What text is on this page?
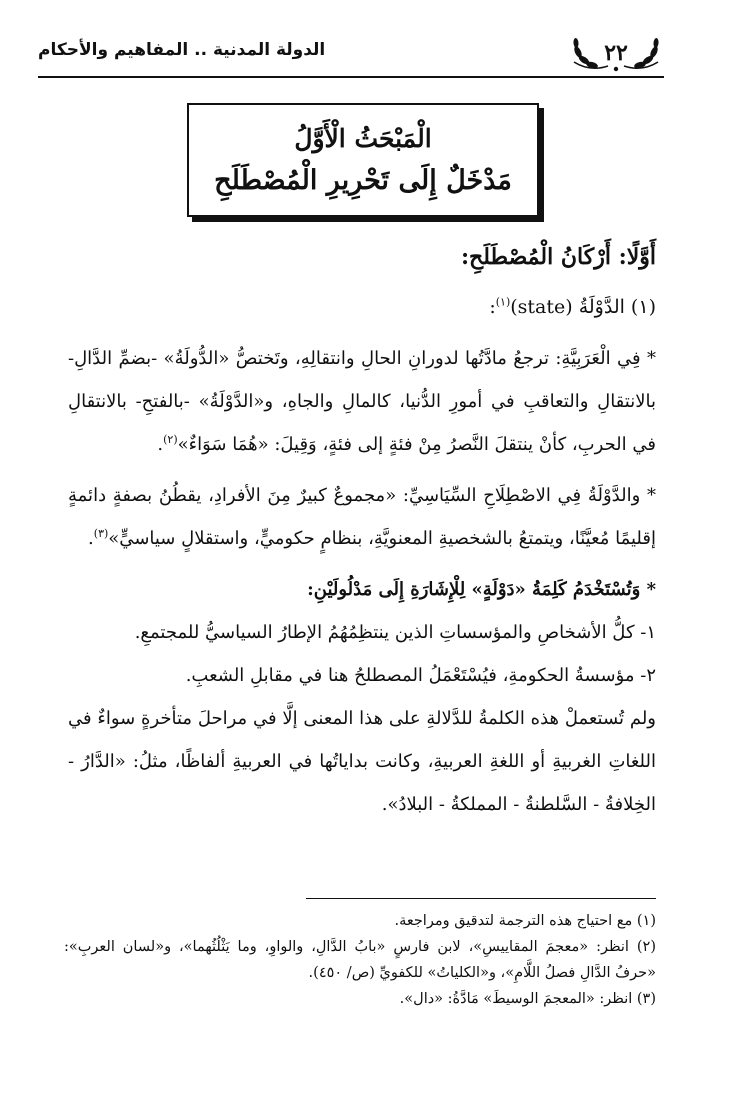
٢٢
الدولة المدنية .. المفاهيم والأحكام
الْمَبْحَثُ الْأَوَّلُ
مَدْخَلٌ إِلَى تَحْرِيرِ الْمُصْطَلَحِ

أَوَّلًا: أَرْكَانُ الْمُصْطَلَحِ:

(١) الدَّوْلَةُ (state)$^{(١)}$:

* فِي الْعَرَبِيَّةِ: ترجعُ مادَّتُها لدورانِ الحالِ وانتقالِهِ، وتَختصُّ «الدُّولَةُ» -بضمِّ الدَّالِ- بالانتقالِ والتعاقبِ في أمورِ الدُّنيا، كالمالِ والجاهِ، و«الدَّوْلَةُ» -بالفتحِ- بالانتقالِ في الحربِ، كأنْ ينتقلَ النَّصرُ مِنْ فئةٍ إلى فئةٍ، وَقِيلَ: «هُمَا سَوَاءٌ»$^{(٢)}$.

* والدَّوْلَةُ فِي الاصْطِلَاحِ السِّيَاسِيِّ: «مجموعٌ كبيرٌ مِنَ الأفرادِ، يقطُنُ بصفةٍ دائمةٍ إقليمًا مُعيَّنًا، ويتمتعُ بالشخصيةِ المعنويَّةِ، بنظامٍ حكوميٍّ، واستقلالٍ سياسيٍّ»$^{(٣)}$.

* وَتُسْتَخْدَمُ كَلِمَةُ «دَوْلَةٍ» لِلْإِشَارَةِ إِلَى مَدْلُولَيْنِ:

١- كلُّ الأشخاصِ والمؤسساتِ الذين ينتظِمُهُمُ الإطارُ السياسيُّ للمجتمعِ.

٢- مؤسسةُ الحكومةِ، فيُسْتَعْمَلُ المصطلحُ هنا في مقابلِ الشعبِ.

ولم تُستعملْ هذه الكلمةُ للدَّلالةِ على هذا المعنى إلَّا في مراحلَ متأخرةٍ سواءٌ في اللغاتِ الغربيةِ أو اللغةِ العربيةِ، وكانت بداياتُها في العربيةِ ألفاظًا، مثلُ: «الدَّارُ - الخِلافةُ - السَّلطنةُ - المملكةُ - البلادُ».

(١) مع احتياج هذه الترجمة لتدقيق ومراجعة.

(٢) انظر: «معجمَ المقاييسِ»، لابن فارسٍ «بابُ الدَّالِ، والواوِ، وما يَثْلُثُهما»، و«لسان العربِ»: «حرفُ الدَّالِ فصلُ اللَّامِ»، و«الكلياتُ» للكفويِّ (ص/ ٤٥٠).

(٣) انظر: «المعجمَ الوسيطَ» مَادَّةُ: «دال».
